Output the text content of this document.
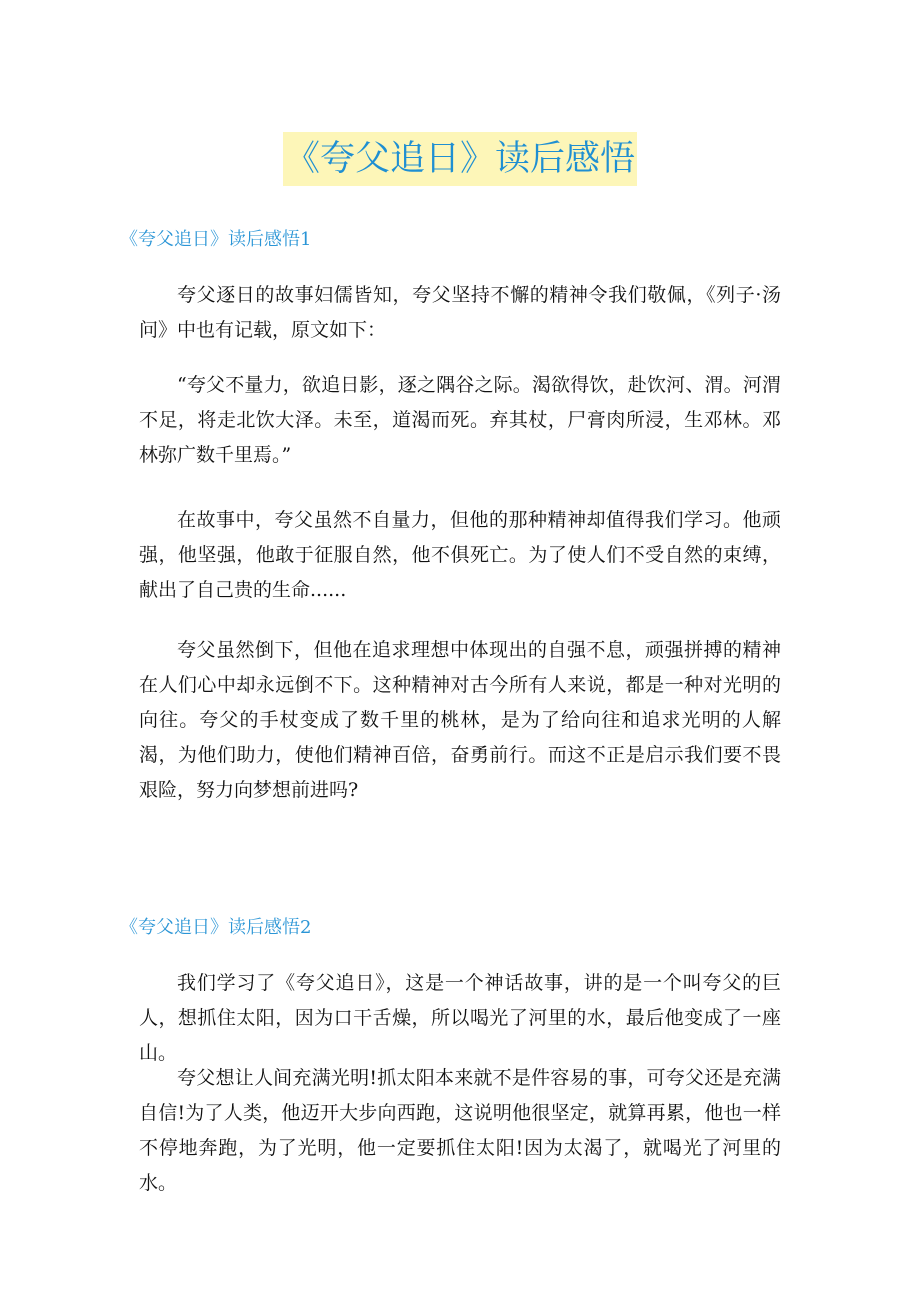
《夸父追日》读后感悟
《夸父追日》读后感悟1

夸父逐日的故事妇儒皆知，夸父坚持不懈的精神令我们敬佩，《列子·汤问》中也有记载，原文如下：

“夸父不量力，欲追日影，逐之隅谷之际。渴欲得饮，赴饮河、渭。河渭不足，将走北饮大泽。未至，道渴而死。弃其杖，尸膏肉所浸，生邓林。邓林弥广数千里焉。”

在故事中，夸父虽然不自量力，但他的那种精神却值得我们学习。他顽强，他坚强，他敢于征服自然，他不俱死亡。为了使人们不受自然的束缚，献出了自己贵的生命......

夸父虽然倒下，但他在追求理想中体现出的自强不息，顽强拼搏的精神在人们心中却永远倒不下。这种精神对古今所有人来说，都是一种对光明的向往。夸父的手杖变成了数千里的桃林，是为了给向往和追求光明的人解渴，为他们助力，使他们精神百倍，奋勇前行。而这不正是启示我们要不畏艰险，努力向梦想前进吗?

《夸父追日》读后感悟2

我们学习了《夸父追日》，这是一个神话故事，讲的是一个叫夸父的巨人，想抓住太阳，因为口干舌燥，所以喝光了河里的水，最后他变成了一座山。

夸父想让人间充满光明!抓太阳本来就不是件容易的事，可夸父还是充满自信!为了人类，他迈开大步向西跑，这说明他很坚定，就算再累，他也一样不停地奔跑，为了光明，他一定要抓住太阳!因为太渴了，就喝光了河里的水。
